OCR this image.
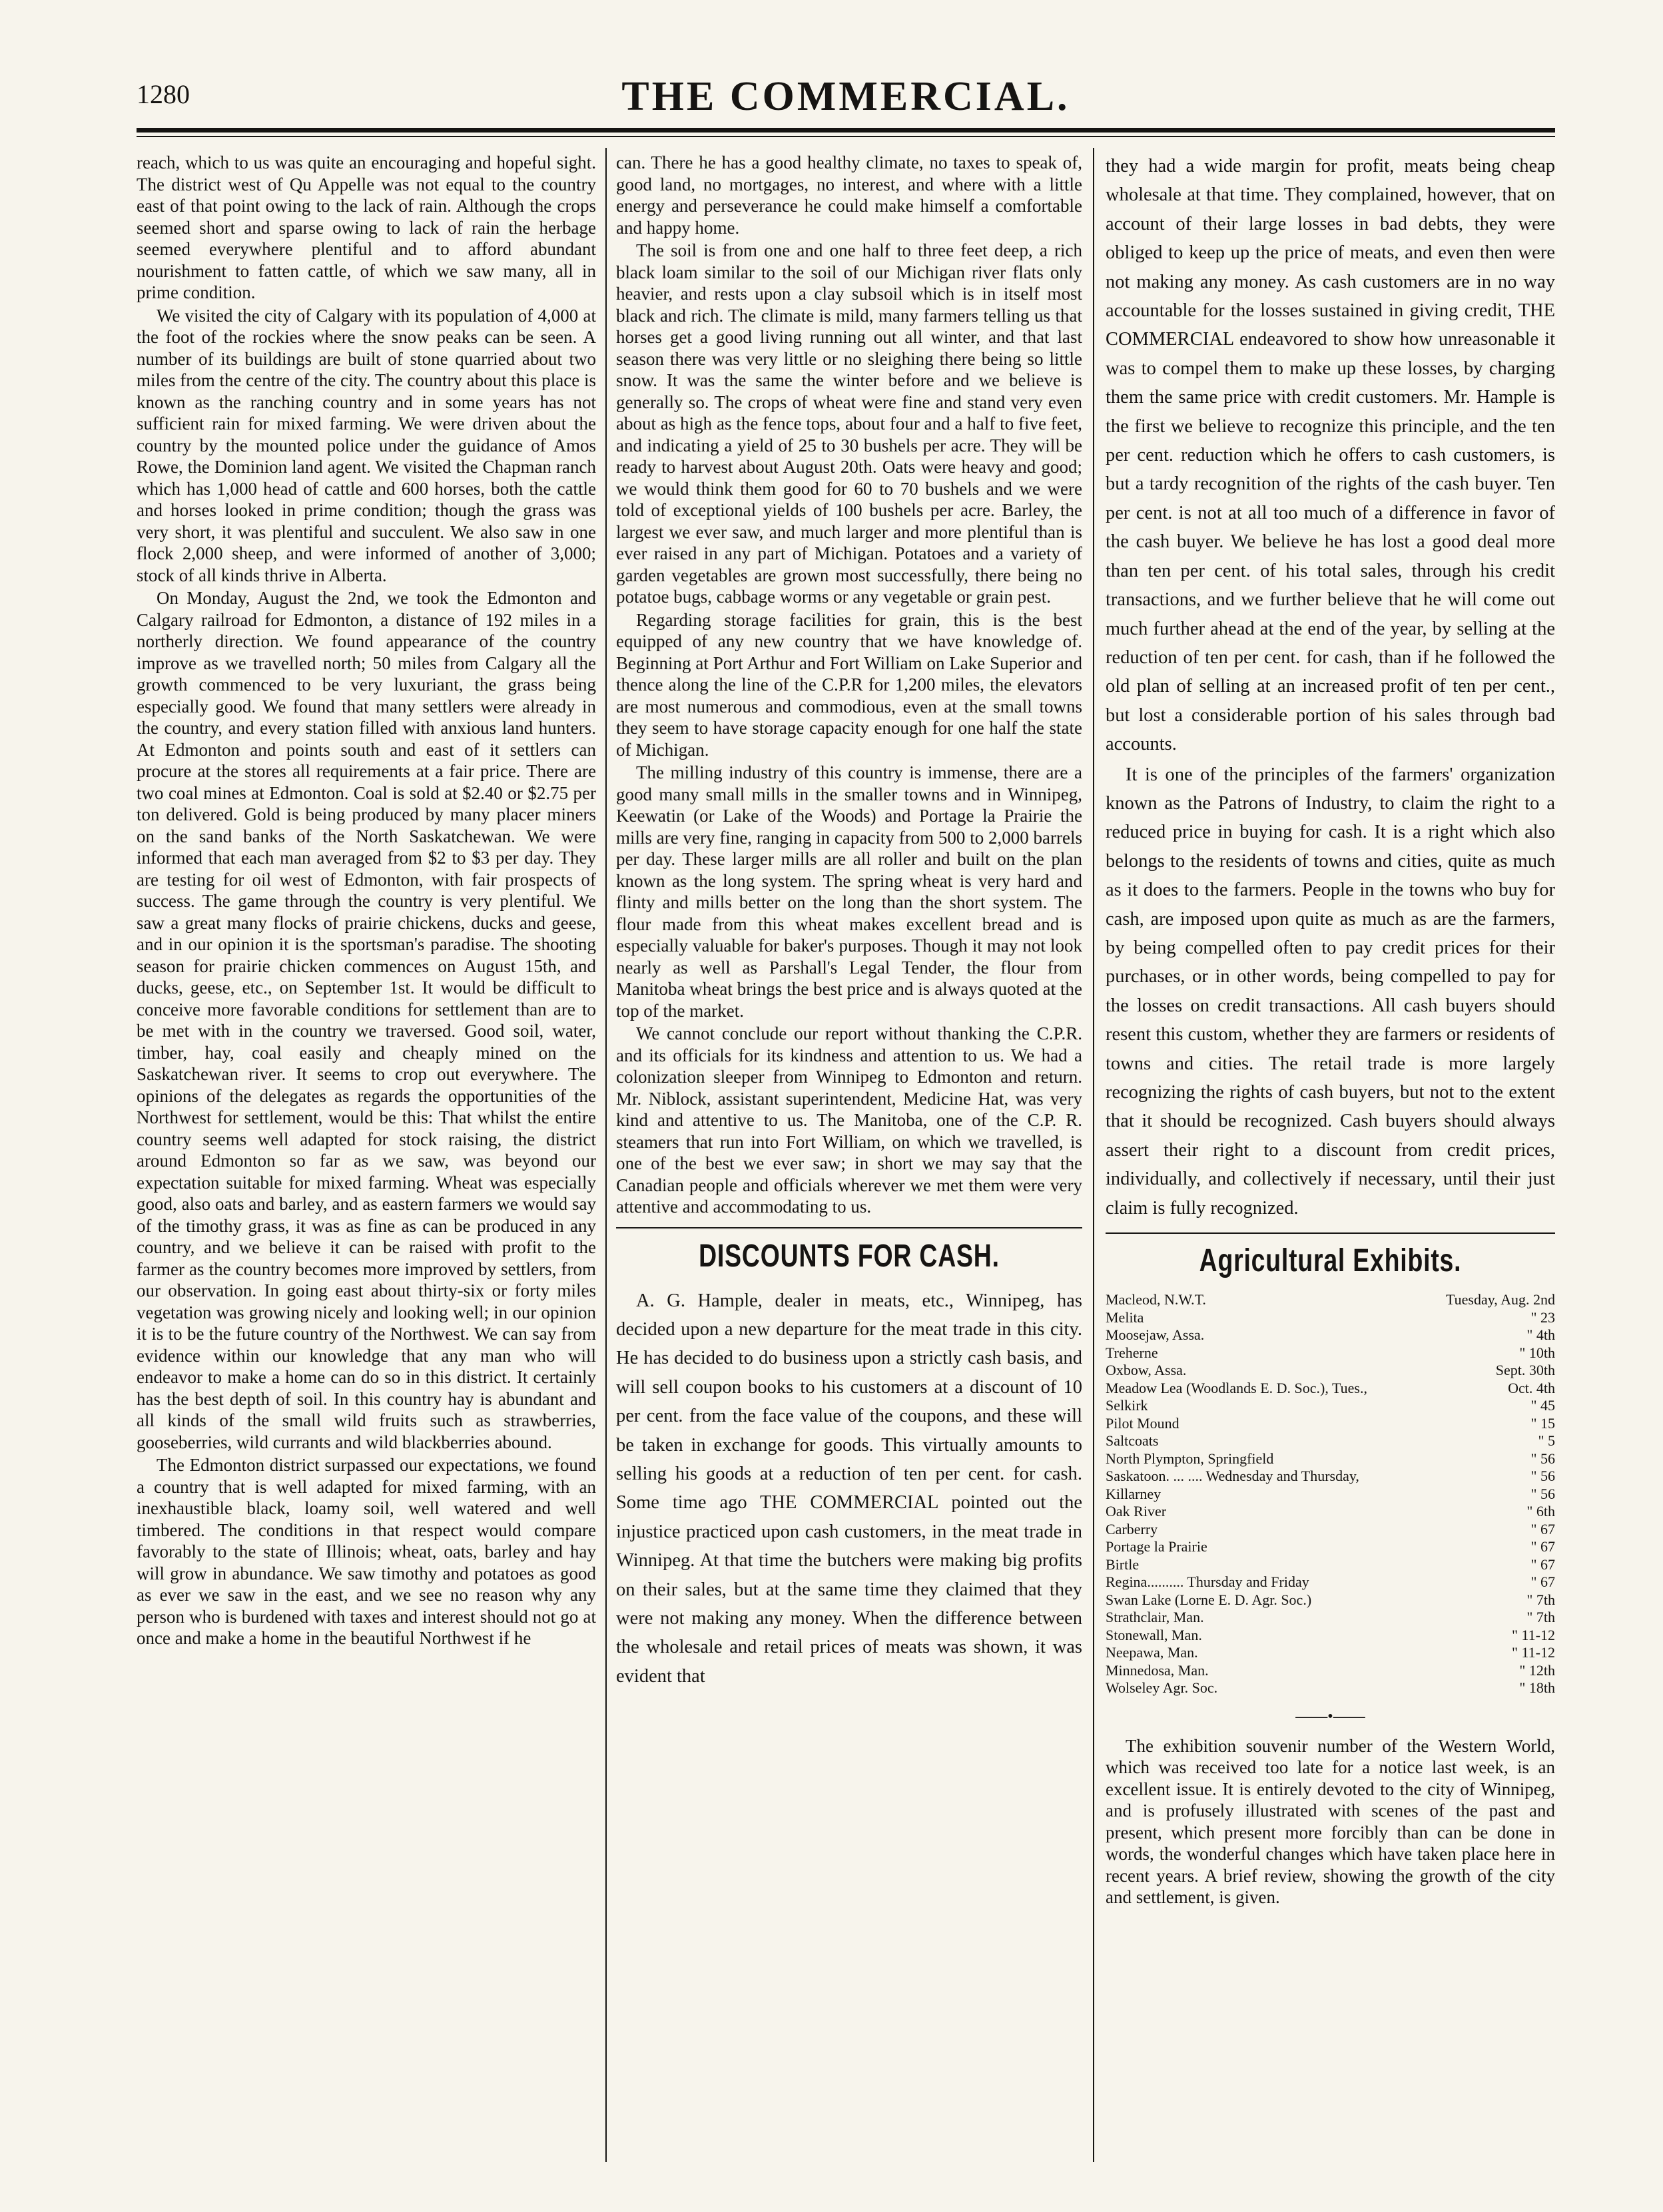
1280	THE COMMERCIAL.

reach, which to us was quite an encouraging and hopeful sight. The district west of Qu Appelle was not equal to the country east of that point owing to the lack of rain. Although the crops seemed short and sparse owing to lack of rain the herbage seemed everywhere plentiful and to afford abundant nourishment to fatten cattle, of which we saw many, all in prime condition.

We visited the city of Calgary with its population of 4,000 at the foot of the rockies where the snow peaks can be seen. A number of its buildings are built of stone quarried about two miles from the centre of the city. The country about this place is known as the ranching country and in some years has not sufficient rain for mixed farming. We were driven about the country by the mounted police under the guidance of Amos Rowe, the Dominion land agent. We visited the Chapman ranch which has 1,000 head of cattle and 600 horses, both the cattle and horses looked in prime condition; though the grass was very short, it was plentiful and succulent. We also saw in one flock 2,000 sheep, and were informed of another of 3,000; stock of all kinds thrive in Alberta.

On Monday, August the 2nd, we took the Edmonton and Calgary railroad for Edmonton, a distance of 192 miles in a northerly direction. We found appearance of the country improve as we travelled north; 50 miles from Calgary all the growth commenced to be very luxuriant, the grass being especially good. We found that many settlers were already in the country, and every station filled with anxious land hunters. At Edmonton and points south and east of it settlers can procure at the stores all requirements at a fair price. There are two coal mines at Edmonton. Coal is sold at $2.40 or $2.75 per ton delivered. Gold is being produced by many placer miners on the sand banks of the North Saskatchewan. We were informed that each man averaged from $2 to $3 per day. They are testing for oil west of Edmonton, with fair prospects of success. The game through the country is very plentiful. We saw a great many flocks of prairie chickens, ducks and geese, and in our opinion it is the sportsman's paradise. The shooting season for prairie chicken commences on August 15th, and ducks, geese, etc., on September 1st. It would be difficult to conceive more favorable conditions for settlement than are to be met with in the country we traversed. Good soil, water, timber, hay, coal easily and cheaply mined on the Saskatchewan river. It seems to crop out everywhere. The opinions of the delegates as regards the opportunities of the Northwest for settlement, would be this: That whilst the entire country seems well adapted for stock raising, the district around Edmonton so far as we saw, was beyond our expectation suitable for mixed farming. Wheat was especially good, also oats and barley, and as eastern farmers we would say of the timothy grass, it was as fine as can be produced in any country, and we believe it can be raised with profit to the farmer as the country becomes more improved by settlers, from our observation. In going east about thirty-six or forty miles vegetation was growing nicely and looking well; in our opinion it is to be the future country of the Northwest. We can say from evidence within our knowledge that any man who will endeavor to make a home can do so in this district. It certainly has the best depth of soil. In this country hay is abundant and all kinds of the small wild fruits such as strawberries, gooseberries, wild currants and wild blackberries abound.

The Edmonton district surpassed our expectations, we found a country that is well adapted for mixed farming, with an inexhaustible black, loamy soil, well watered and well timbered. The conditions in that respect would compare favorably to the state of Illinois; wheat, oats, barley and hay will grow in abundance. We saw timothy and potatoes as good as ever we saw in the east, and we see no reason why any person who is burdened with taxes and interest should not go at once and make a home in the beautiful Northwest if he

can. There he has a good healthy climate, no taxes to speak of, good land, no mortgages, no interest, and where with a little energy and perseverance he could make himself a comfortable and happy home.

The soil is from one and one half to three feet deep, a rich black loam similar to the soil of our Michigan river flats only heavier, and rests upon a clay subsoil which is in itself most black and rich. The climate is mild, many farmers telling us that horses get a good living running out all winter, and that last season there was very little or no sleighing there being so little snow. It was the same the winter before and we believe is generally so. The crops of wheat were fine and stand very even about as high as the fence tops, about four and a half to five feet, and indicating a yield of 25 to 30 bushels per acre. They will be ready to harvest about August 20th. Oats were heavy and good; we would think them good for 60 to 70 bushels and we were told of exceptional yields of 100 bushels per acre. Barley, the largest we ever saw, and much larger and more plentiful than is ever raised in any part of Michigan. Potatoes and a variety of garden vegetables are grown most successfully, there being no potatoe bugs, cabbage worms or any vegetable or grain pest.

Regarding storage facilities for grain, this is the best equipped of any new country that we have knowledge of. Beginning at Port Arthur and Fort William on Lake Superior and thence along the line of the C.P.R for 1,200 miles, the elevators are most numerous and commodious, even at the small towns they seem to have storage capacity enough for one half the state of Michigan.

The milling industry of this country is immense, there are a good many small mills in the smaller towns and in Winnipeg, Keewatin (or Lake of the Woods) and Portage la Prairie the mills are very fine, ranging in capacity from 500 to 2,000 barrels per day. These larger mills are all roller and built on the plan known as the long system. The spring wheat is very hard and flinty and mills better on the long than the short system. The flour made from this wheat makes excellent bread and is especially valuable for baker's purposes. Though it may not look nearly as well as Parshall's Legal Tender, the flour from Manitoba wheat brings the best price and is always quoted at the top of the market.

We cannot conclude our report without thanking the C.P.R. and its officials for its kindness and attention to us. We had a colonization sleeper from Winnipeg to Edmonton and return. Mr. Niblock, assistant superintendent, Medicine Hat, was very kind and attentive to us. The Manitoba, one of the C.P. R. steamers that run into Fort William, on which we travelled, is one of the best we ever saw; in short we may say that the Canadian people and officials wherever we met them were very attentive and accommodating to us.

DISCOUNTS FOR CASH.

A. G. Hample, dealer in meats, etc., Winnipeg, has decided upon a new departure for the meat trade in this city. He has decided to do business upon a strictly cash basis, and will sell coupon books to his customers at a discount of 10 per cent. from the face value of the coupons, and these will be taken in exchange for goods. This virtually amounts to selling his goods at a reduction of ten per cent. for cash. Some time ago THE COMMERCIAL pointed out the injustice practiced upon cash customers, in the meat trade in Winnipeg. At that time the butchers were making big profits on their sales, but at the same time they claimed that they were not making any money. When the difference between the wholesale and retail prices of meats was shown, it was evident that

they had a wide margin for profit, meats being cheap wholesale at that time. They complained, however, that on account of their large losses in bad debts, they were obliged to keep up the price of meats, and even then were not making any money. As cash customers are in no way accountable for the losses sustained in giving credit, THE COMMERCIAL endeavored to show how unreasonable it was to compel them to make up these losses, by charging them the same price with credit customers. Mr. Hample is the first we believe to recognize this principle, and the ten per cent. reduction which he offers to cash customers, is but a tardy recognition of the rights of the cash buyer. Ten per cent. is not at all too much of a difference in favor of the cash buyer. We believe he has lost a good deal more than ten per cent. of his total sales, through his credit transactions, and we further believe that he will come out much further ahead at the end of the year, by selling at the reduction of ten per cent. for cash, than if he followed the old plan of selling at an increased profit of ten per cent., but lost a considerable portion of his sales through bad accounts.

It is one of the principles of the farmers' organization known as the Patrons of Industry, to claim the right to a reduced price in buying for cash. It is a right which also belongs to the residents of towns and cities, quite as much as it does to the farmers. People in the towns who buy for cash, are imposed upon quite as much as are the farmers, by being compelled often to pay credit prices for their purchases, or in other words, being compelled to pay for the losses on credit transactions. All cash buyers should resent this custom, whether they are farmers or residents of towns and cities. The retail trade is more largely recognizing the rights of cash buyers, but not to the extent that it should be recognized. Cash buyers should always assert their right to a discount from credit prices, individually, and collectively if necessary, until their just claim is fully recognized.

Agricultural Exhibits.
Macleod, N.W.T.	Tuesday, Aug. 2nd
Melita	" 23
Moosejaw, Assa.	" 4th
Treherne	" 10th
Oxbow, Assa.	Sept. 30th
Meadow Lea (Woodlands E. D. Soc.), Tues.,	Oct. 4th
Selkirk	" 45
Pilot Mound	" 15
Saltcoats	" 5
North Plympton, Springfield	" 56
Saskatoon. ... .... Wednesday and Thursday,	" 56
Killarney	" 56
Oak River	" 6th
Carberry	" 67
Portage la Prairie	" 67
Birtle	" 67
Regina.......... Thursday and Friday	" 67
Swan Lake (Lorne E. D. Agr. Soc.)	" 7th
Strathclair, Man.	" 7th
Stonewall, Man.	" 11-12
Neepawa, Man.	" 11-12
Minnedosa, Man.	" 12th
Wolseley Agr. Soc.	" 18th
——•——

The exhibition souvenir number of the Western World, which was received too late for a notice last week, is an excellent issue. It is entirely devoted to the city of Winnipeg, and is profusely illustrated with scenes of the past and present, which present more forcibly than can be done in words, the wonderful changes which have taken place here in recent years. A brief review, showing the growth of the city and settlement, is given.
